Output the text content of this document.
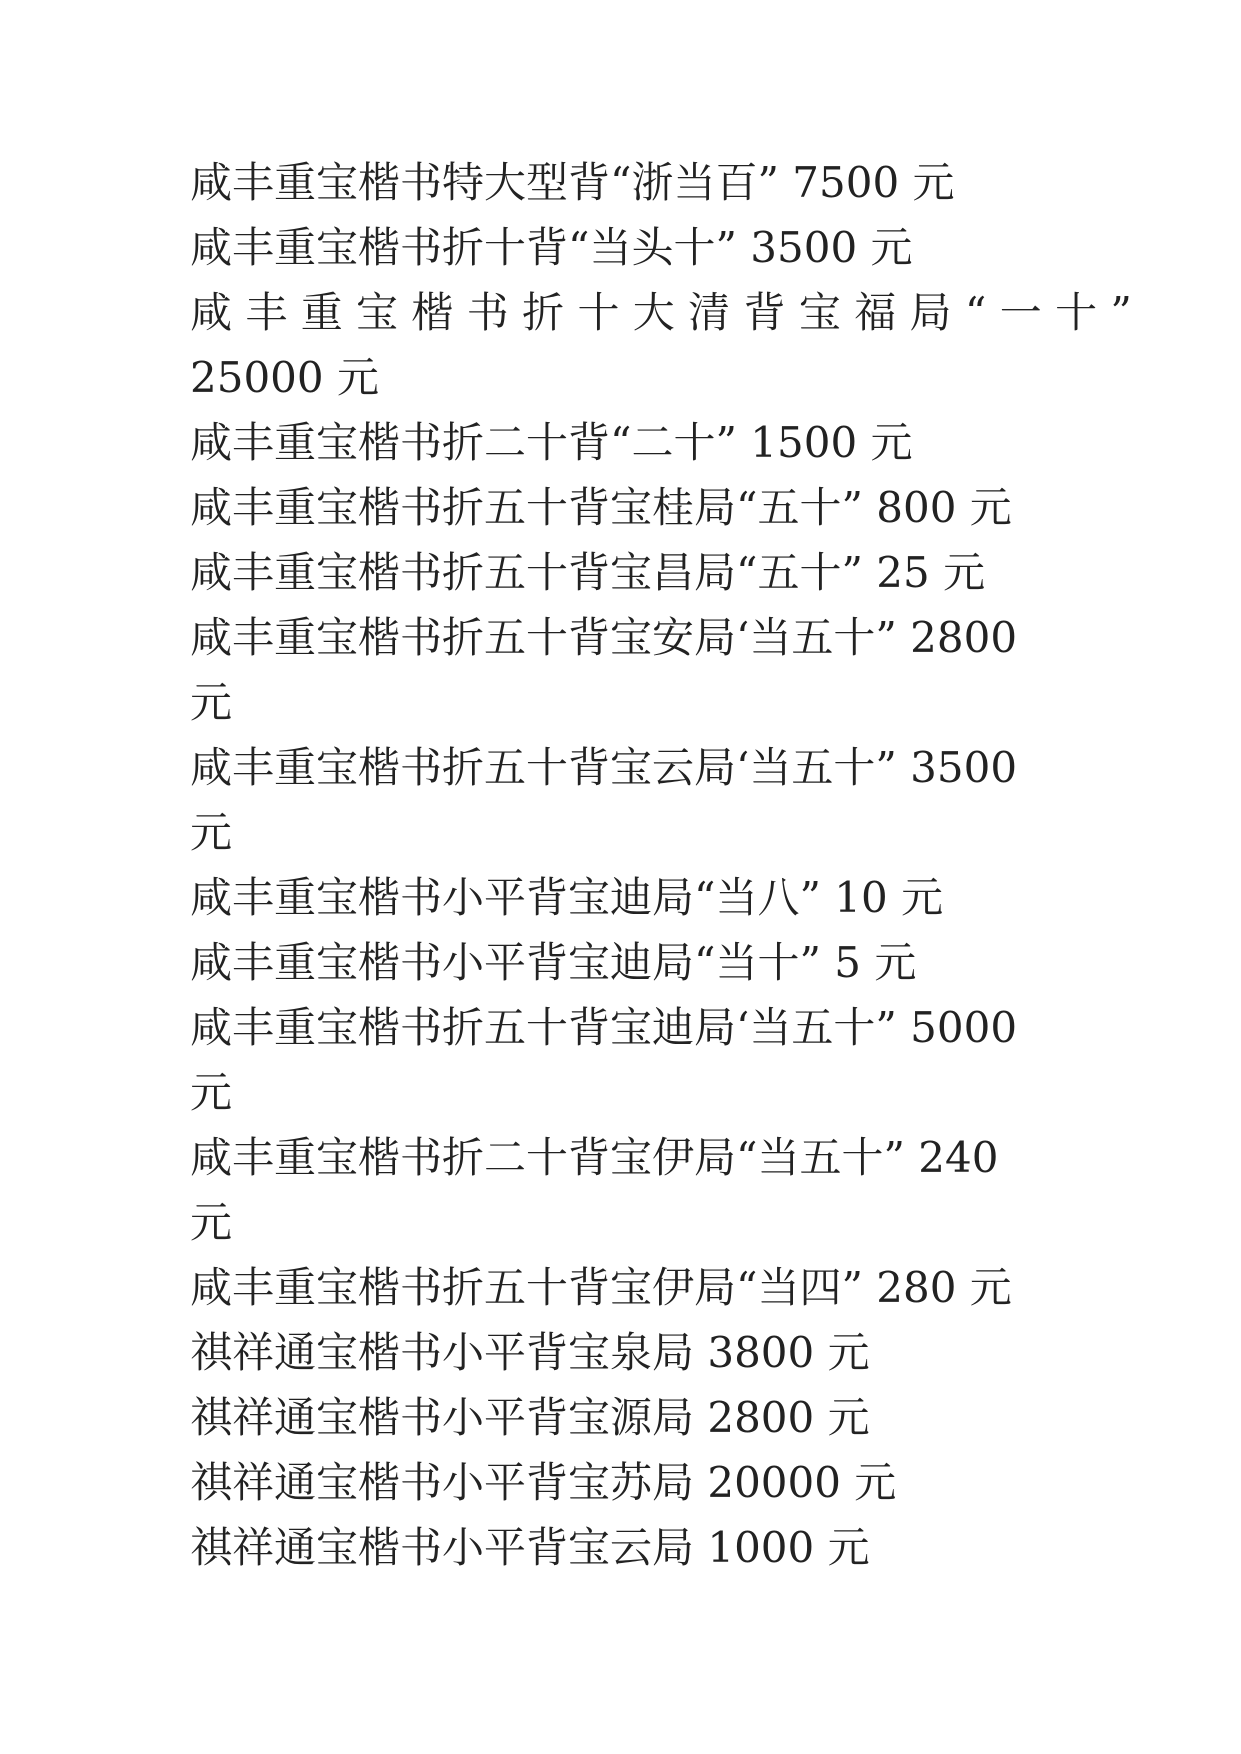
咸丰重宝楷书特大型背“浙当百” 7500 元
咸丰重宝楷书折十背“当头十” 3500 元
咸 丰 重 宝 楷 书 折 十 大 清 背 宝 福 局 “ 一 十 ”
25000 元
咸丰重宝楷书折二十背“二十” 1500 元
咸丰重宝楷书折五十背宝桂局“五十” 800 元
咸丰重宝楷书折五十背宝昌局“五十” 25 元
咸丰重宝楷书折五十背宝安局‘当五十” 2800
元
咸丰重宝楷书折五十背宝云局‘当五十” 3500
元
咸丰重宝楷书小平背宝迪局“当八” 10 元
咸丰重宝楷书小平背宝迪局“当十” 5 元
咸丰重宝楷书折五十背宝迪局‘当五十” 5000
元
咸丰重宝楷书折二十背宝伊局“当五十” 240
元
咸丰重宝楷书折五十背宝伊局“当四” 280 元
祺祥通宝楷书小平背宝泉局 3800 元
祺祥通宝楷书小平背宝源局 2800 元
祺祥通宝楷书小平背宝苏局 20000 元
祺祥通宝楷书小平背宝云局 1000 元
